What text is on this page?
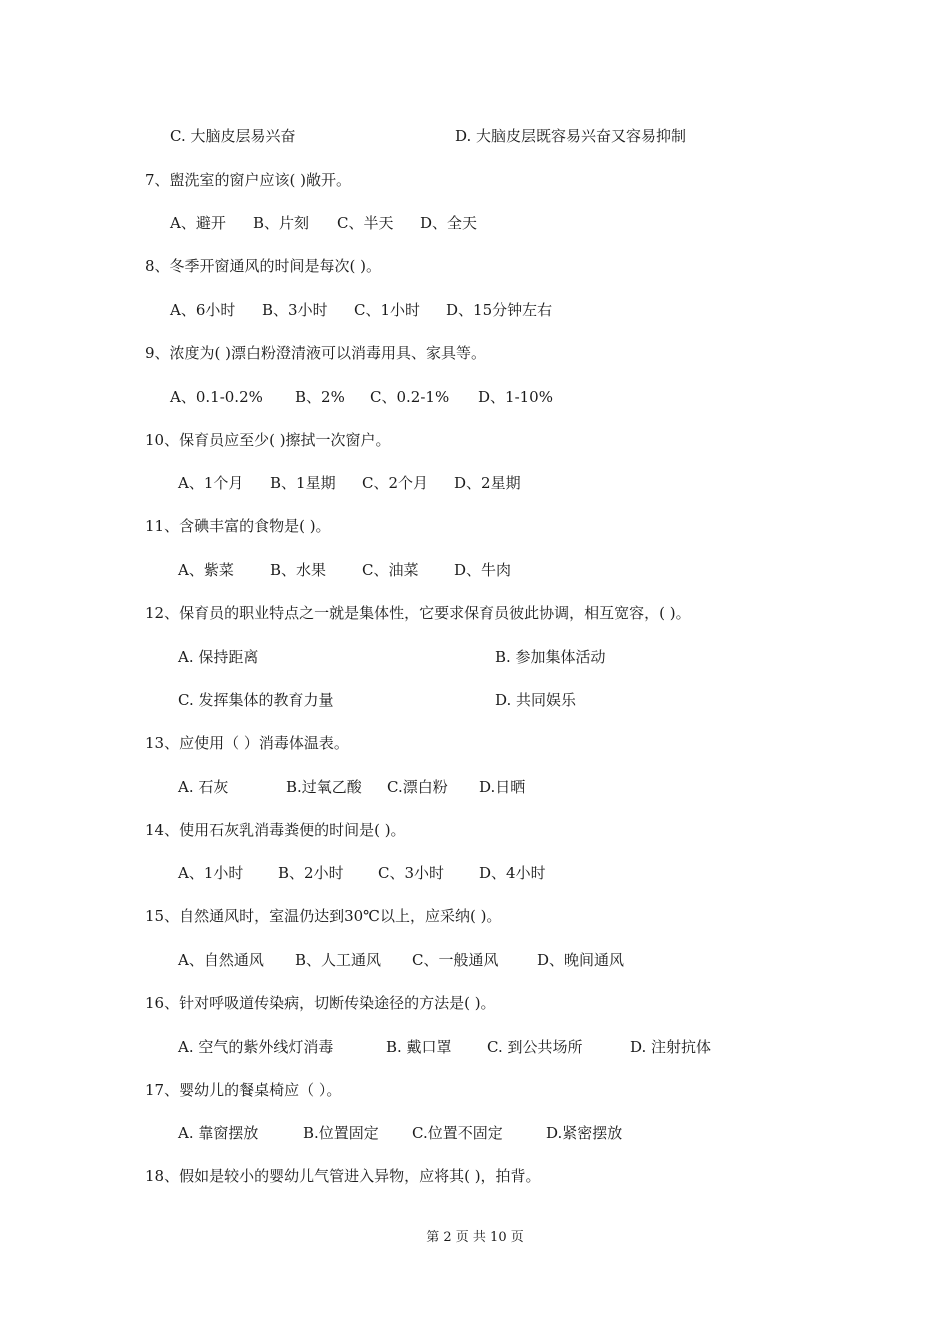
C. 大脑皮层易兴奋	D. 大脑皮层既容易兴奋又容易抑制
7、盥洗室的窗户应该( )敞开。
A、避开 B、片刻 C、半天 D、全天
8、冬季开窗通风的时间是每次( )。
A、6小时 B、3小时 C、1小时 D、15分钟左右
9、浓度为( )漂白粉澄清液可以消毒用具、家具等。
A、0.1-0.2% B、2% C、0.2-1% D、1-10%
10、保育员应至少( )擦拭一次窗户。
A、1个月 B、1星期 C、2个月 D、2星期
11、含碘丰富的食物是( )。
A、紫菜 B、水果 C、油菜 D、牛肉
12、保育员的职业特点之一就是集体性，它要求保育员彼此协调，相互宽容，( )。
A. 保持距离	B. 参加集体活动
C. 发挥集体的教育力量	D. 共同娱乐
13、应使用（ ）消毒体温表。
A. 石灰	B.过氧乙酸 C.漂白粉 D.日晒
14、使用石灰乳消毒粪便的时间是( )。
A、1小时 B、2小时 C、3小时 D、4小时
15、自然通风时，室温仍达到30℃以上，应采纳( )。
A、自然通风 B、人工通风 C、一般通风	D、晚间通风
16、针对呼吸道传染病，切断传染途径的方法是( )。
A. 空气的紫外线灯消毒	B. 戴口罩 C. 到公共场所	D. 注射抗体
17、婴幼儿的餐桌椅应（ ）。
A. 靠窗摆放	B.位置固定 C.位置不固定	D.紧密摆放
18、假如是较小的婴幼儿气管进入异物，应将其( )，拍背。
第 2 页 共 10 页
